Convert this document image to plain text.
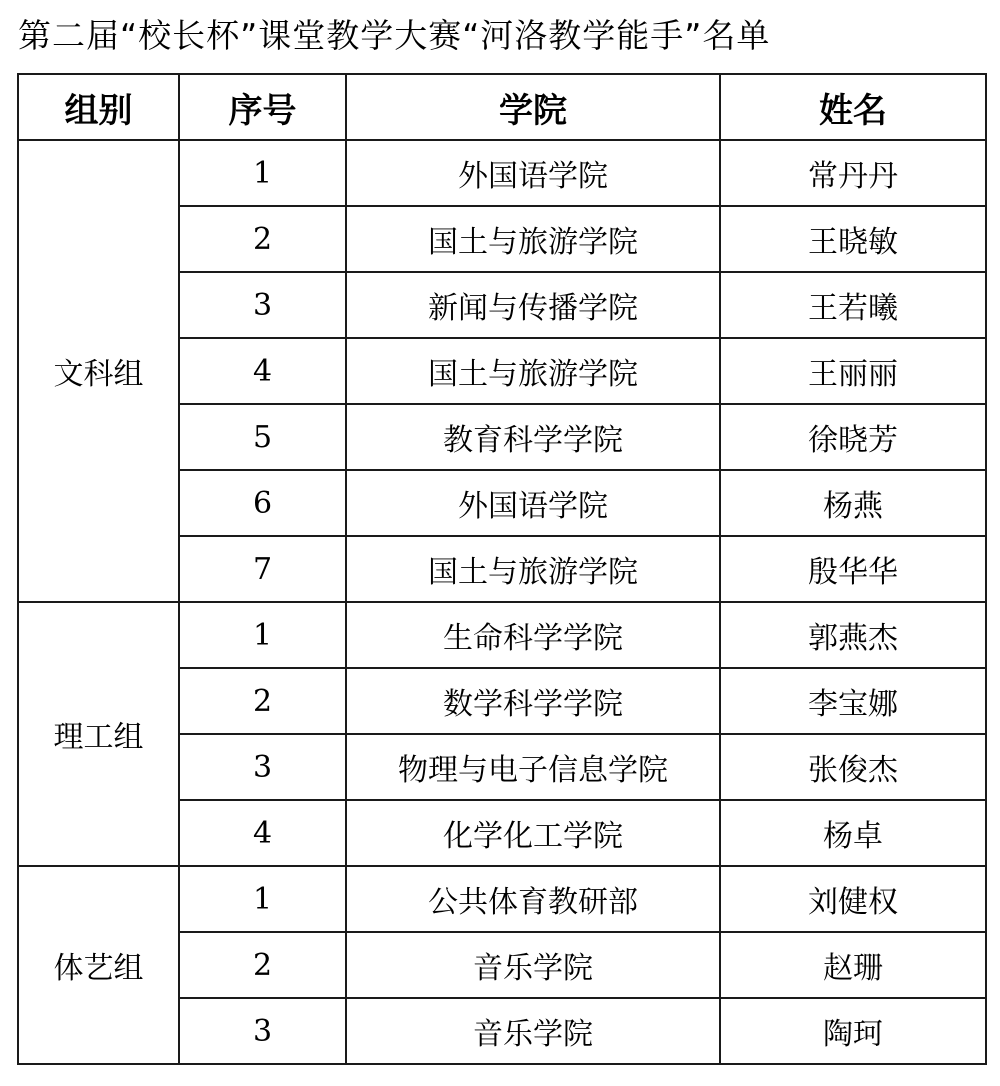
第二届“校长杯”课堂教学大赛“河洛教学能手”名单
组别	序号	学院	姓名
文科组	1	外国语学院	常丹丹
	2	国土与旅游学院	王晓敏
	3	新闻与传播学院	王若曦
	4	国土与旅游学院	王丽丽
	5	教育科学学院	徐晓芳
	6	外国语学院	杨燕
	7	国土与旅游学院	殷华华
理工组	1	生命科学学院	郭燕杰
	2	数学科学学院	李宝娜
	3	物理与电子信息学院	张俊杰
	4	化学化工学院	杨卓
体艺组	1	公共体育教研部	刘健权
	2	音乐学院	赵珊
	3	音乐学院	陶珂
